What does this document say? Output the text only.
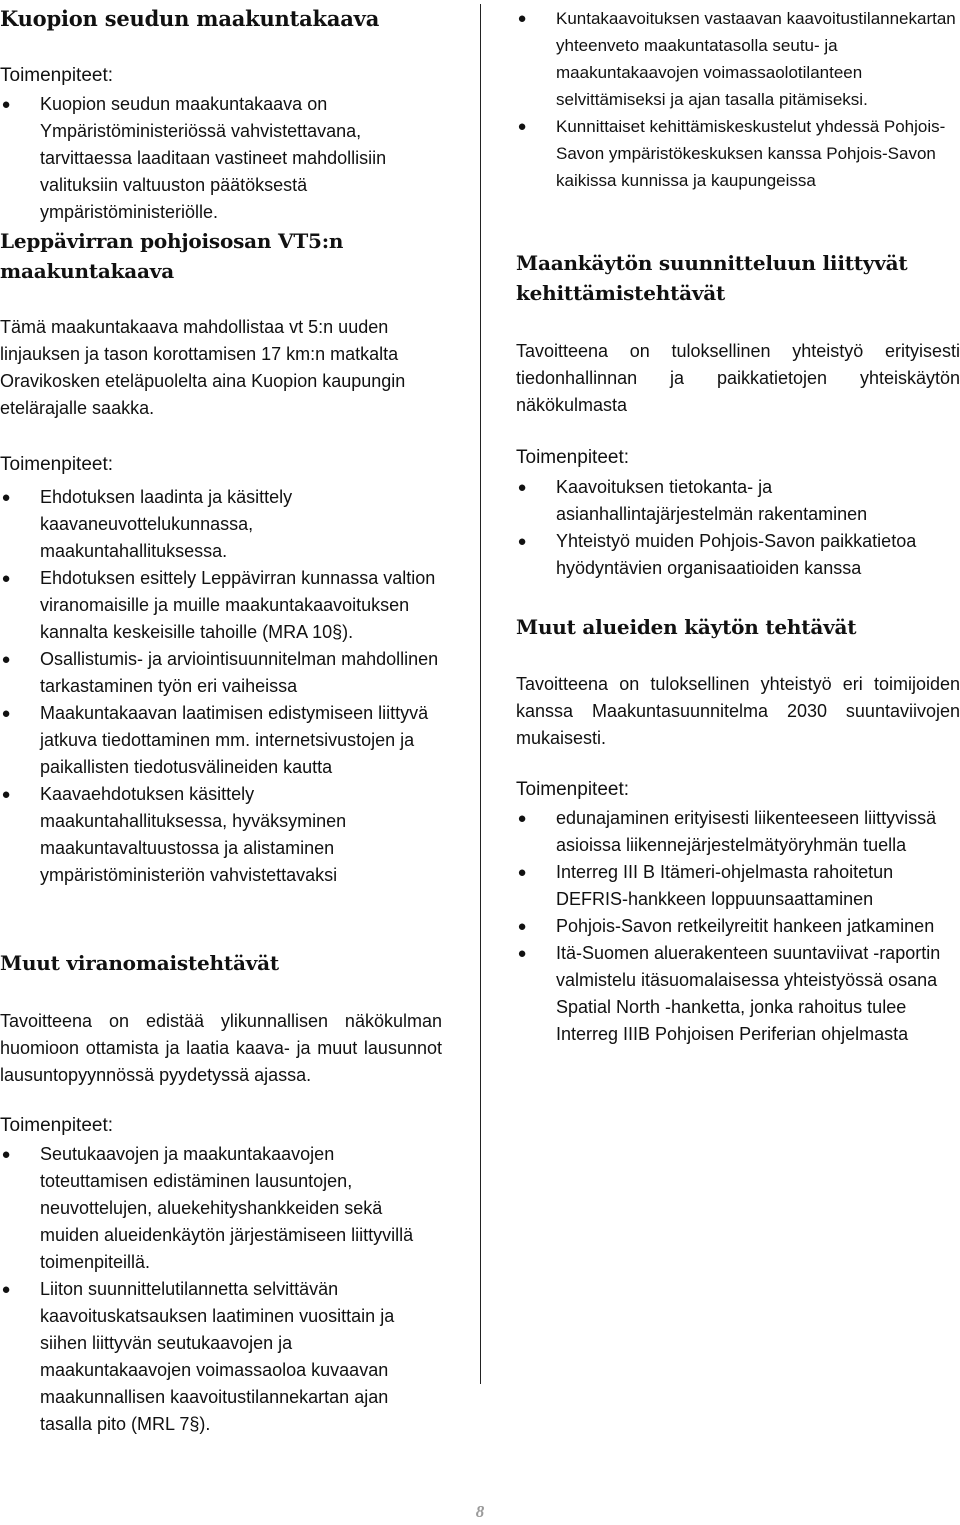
Kuopion seudun maakuntakaava

Toimenpiteet:

● Kuopion seudun maakuntakaava on Ympäristöministeriössä vahvistettavana, tarvittaessa laaditaan vastineet mahdollisiin valituksiin valtuuston päätöksestä ympäristöministeriölle.
Leppävirran pohjoisosan VT5:n maakuntakaava

Tämä maakuntakaava mahdollistaa vt 5:n uuden linjauksen ja tason korottamisen 17 km:n matkalta Oravikosken eteläpuolelta aina Kuopion kaupungin etelärajalle saakka.

Toimenpiteet:

● Ehdotuksen laadinta ja käsittely kaavaneuvottelukunnassa, maakuntahallituksessa.
● Ehdotuksen esittely Leppävirran kunnassa valtion viranomaisille ja muille maakuntakaavoituksen kannalta keskeisille tahoille (MRA 10§).
● Osallistumis- ja arviointisuunnitelman mahdollinen tarkastaminen työn eri vaiheissa
● Maakuntakaavan laatimisen edistymiseen liittyvä jatkuva tiedottaminen mm. internetsivustojen ja paikallisten tiedotusvälineiden kautta
● Kaavaehdotuksen käsittely maakuntahallituksessa, hyväksyminen maakuntavaltuustossa ja alistaminen ympäristöministeriön vahvistettavaksi
Muut viranomaistehtävät

Tavoitteena on edistää ylikunnallisen näkökulman huomioon ottamista ja laatia kaava- ja muut lausunnot lausuntopyynnössä pyydetyssä ajassa.

Toimenpiteet:

● Seutukaavojen ja maakuntakaavojen toteuttamisen edistäminen lausuntojen, neuvottelujen, aluekehityshankkeiden sekä muiden alueidenkäytön järjestämiseen liittyvillä toimenpiteillä.
● Liiton suunnittelutilannetta selvittävän kaavoituskatsauksen laatiminen vuosittain ja siihen liittyvän seutukaavojen ja maakuntakaavojen voimassaoloa kuvaavan maakunnallisen kaavoitustilannekartan ajan tasalla pito (MRL 7§).
● Kuntakaavoituksen vastaavan kaavoitustilannekartan yhteenveto maakuntatasolla seutu- ja maakuntakaavojen voimassaolotilanteen selvittämiseksi ja ajan tasalla pitämiseksi.
● Kunnittaiset kehittämiskeskustelut yhdessä Pohjois-Savon ympäristökeskuksen kanssa Pohjois-Savon kaikissa kunnissa ja kaupungeissa
Maankäytön suunnitteluun liittyvät kehittämistehtävät

Tavoitteena on tuloksellinen yhteistyö erityisesti tiedonhallinnan ja paikkatietojen yhteiskäytön näkökulmasta

Toimenpiteet:

● Kaavoituksen tietokanta- ja asianhallintajärjestelmän rakentaminen
● Yhteistyö muiden Pohjois-Savon paikkatietoa hyödyntävien organisaatioiden kanssa
Muut alueiden käytön tehtävät

Tavoitteena on tuloksellinen yhteistyö eri toimijoiden kanssa Maakuntasuunnitelma 2030 suuntaviivojen mukaisesti.

Toimenpiteet:

● edunajaminen erityisesti liikenteeseen liittyvissä asioissa liikennejärjestelmätyöryhmän tuella
● Interreg III B Itämeri-ohjelmasta rahoitetun DEFRIS-hankkeen loppuunsaattaminen
● Pohjois-Savon retkeilyreitit hankeen jatkaminen
● Itä-Suomen aluerakenteen suuntaviivat -raportin valmistelu itäsuomalaisessa yhteistyössä osana Spatial North -hanketta, jonka rahoitus tulee Interreg IIIB Pohjoisen Periferian ohjelmasta
8
